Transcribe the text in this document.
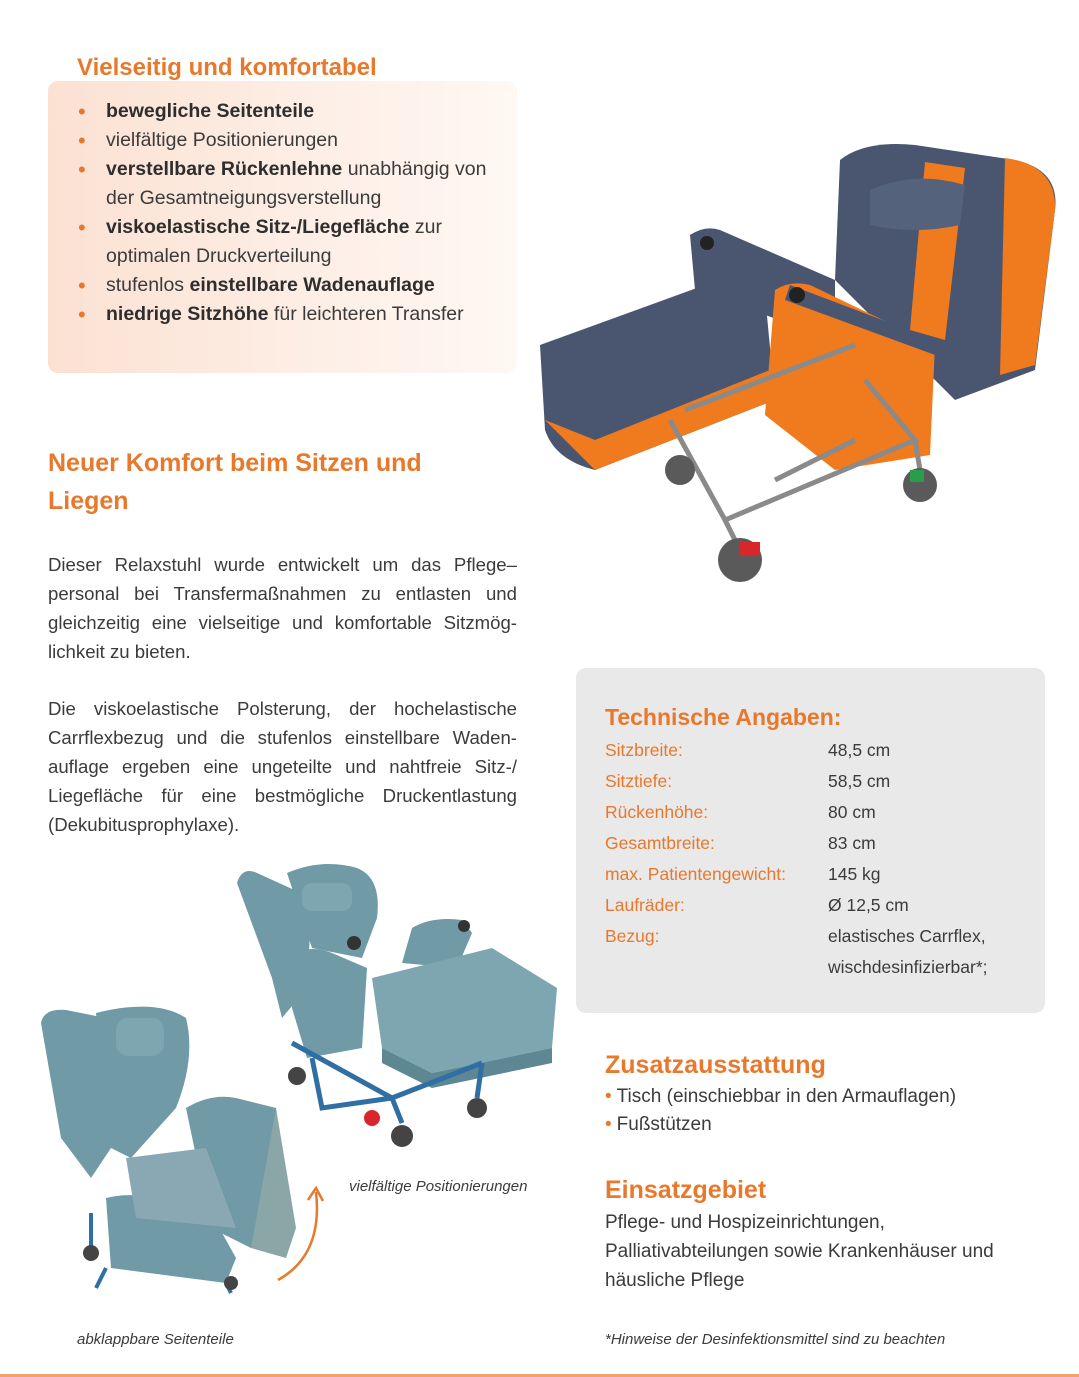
Vielseitig und komfortabel
• bewegliche Seitenteile
• vielfältige Positionierungen
• verstellbare Rückenlehne unabhängig von der Gesamtneigungsverstellung
• viskoelastische Sitz-/Liegefläche zur optimalen Druckverteilung
• stufenlos einstellbare Wadenauflage
• niedrige Sitzhöhe für leichteren Transfer
Neuer Komfort beim Sitzen und Liegen

Dieser Relaxstuhl wurde entwickelt um das Pflege–personal bei Transfermaßnahmen zu entlasten und gleichzeitig eine vielseitige und komfortable Sitzmög-lichkeit zu bieten.

Die viskoelastische Polsterung, der hochelastische Carrflexbezug und die stufenlos einstellbare Waden-auflage ergeben eine ungeteilte und nahtfreie Sitz-/ Liegefläche für eine bestmögliche Druckentlastung (Dekubitusprophylaxe).

Technische Angaben:
Sitzbreite:	48,5 cm
Sitztiefe:	58,5 cm
Rückenhöhe:	80 cm
Gesamtbreite:	83 cm
max. Patientengewicht: 145 kg
Laufräder:	Ø 12,5 cm
Bezug:	elastisches Carrflex,
wischdesinfizierbar*;
Zusatzausstattung
• Tisch (einschiebbar in den Armauflagen)
• Fußstützen
Einsatzgebiet

Pflege- und Hospizeinrichtungen, Palliativabteilungen sowie Krankenhäuser und häusliche Pflege

vielfältige Positionierungen
abklappbare Seitenteile	*Hinweise der Desinfektionsmittel sind zu beachten
